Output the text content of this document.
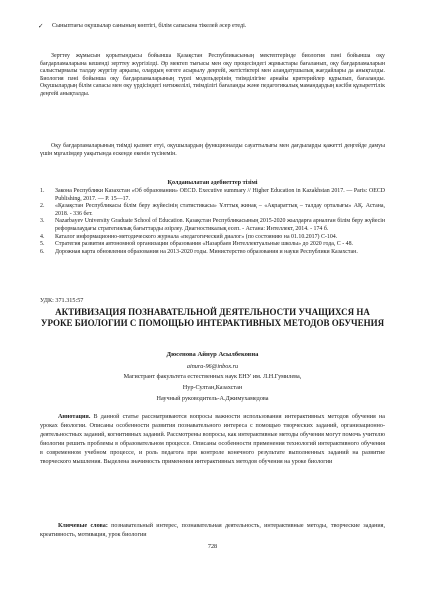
✓ Сыныптағы оқушылар санының көптігі, білім сапасына тікелей әсер етеді.

Зерттеу жұмысын қорытындысы бойынша Қазақстан Республикасының мектептерінде биология пәні бойынша оқу бағдарламаларына кешенді зерттеу жүргізілді. Әр мектеп тығысы мен оқу процесіндегі жұмыстары бағаланып, оқу бағдарламаларын салыстырмалы талдау жүргізу арқылы, олардың өзгеге асырылу деңгейі, жетістіктері мен алаңдатушылық жағдайлары да анықталды. Биология пәні бойынша оқу бағдарламаларының түрлі модельдерінің тиімділігіне арнайы критерийлер құрылып, бағаланды. Оқушылардың білім сапасы мен оқу үрдісіндегі нәтижелілі, тиімділігі бағаланды және педагогикалық мамандардың кәсіби құзыреттілік деңгейі анықталды.

Оқу бағдарламаларының тиімді қызмет етуі, оқушылардың функционалды сауаттылығы мен дағдыларды қажетті деңгейде дамуы үшін мұғалімдер уақытында ескенде екенін түсінемін.

Қолданылатан әдебиеттер тізімі
1. Закона Республики Казахстан «Об образовании» OECD. Executive summary // Higher Education in Kazakhstan 2017. — Paris: OECD Publishing, 2017. — P. 15—17.
2. «Қазақстан Республикасы білім беру жүйесінің статистикасы» Ұлттық жинақ – «Ақпараттық – талдау орталығы» АҚ. Астана, 2018. - 336 бет.
3. Nazarbayev University Graduate School of Education. Қазақстан Республикасының 2015-2020 жылдарға арналған білім беру жүйесін реформалаудағы стратегиялық бағыттарды әзірлеу. Диагностикалық есеп. - Астана: Интеллект, 2014. - 174 б.
4. Каталог информационно-методического журнала «педагогический диалог» (по состоянию на 01.10.2017) С-104.
5. Стратегия развития автономной организации образования «Назарбаев Интеллектуальные школы» до 2020 года, С - 48.
6. Дорожная карта обновления образования на 2013-2020 годы. Министерство образования и науки Республики Казахстан.
УДК: 371.315:57
АКТИВИЗАЦИЯ ПОЗНАВАТЕЛЬНОЙ ДЕЯТЕЛЬНОСТИ УЧАЩИХСЯ НА УРОКЕ БИОЛОГИИ С ПОМОЩЬЮ ИНТЕРАКТИВНЫХ МЕТОДОВ ОБУЧЕНИЯ
Дюсенова Айнур Асылбековна
ainura-96@inbox.ru
Магистрант факультета естественных наук ЕНУ им. Л.Н.Гумилева,
Нур-Султан,Казахстан
Научный руководитель-А.Джимухамедова

Аннотация. В данной статье рассматриваются вопросы важности использования интерактивных методов обучения на уроках биологии. Описаны особенности развития познавательного интереса с помощью творческих заданий, организационно-деятельностных заданий, когнитивных заданий. Рассмотрены вопросы, как интерактивные методы обучения могут помочь учителю биологии решить проблемы в образовательном процессе. Описаны особенности применения технологий интерактивного обучения в современном учебном процессе, и роль педагога при контроле конечного результате выполненных заданий на развитие творческого мышления. Выделена значимость применения интерактивных методов обучения на уроке биологии

Ключевые слова: познавательный интерес, познавательная деятельность, интерактивные методы, творческие задания, креативность, мотивация, урок биологии

728
